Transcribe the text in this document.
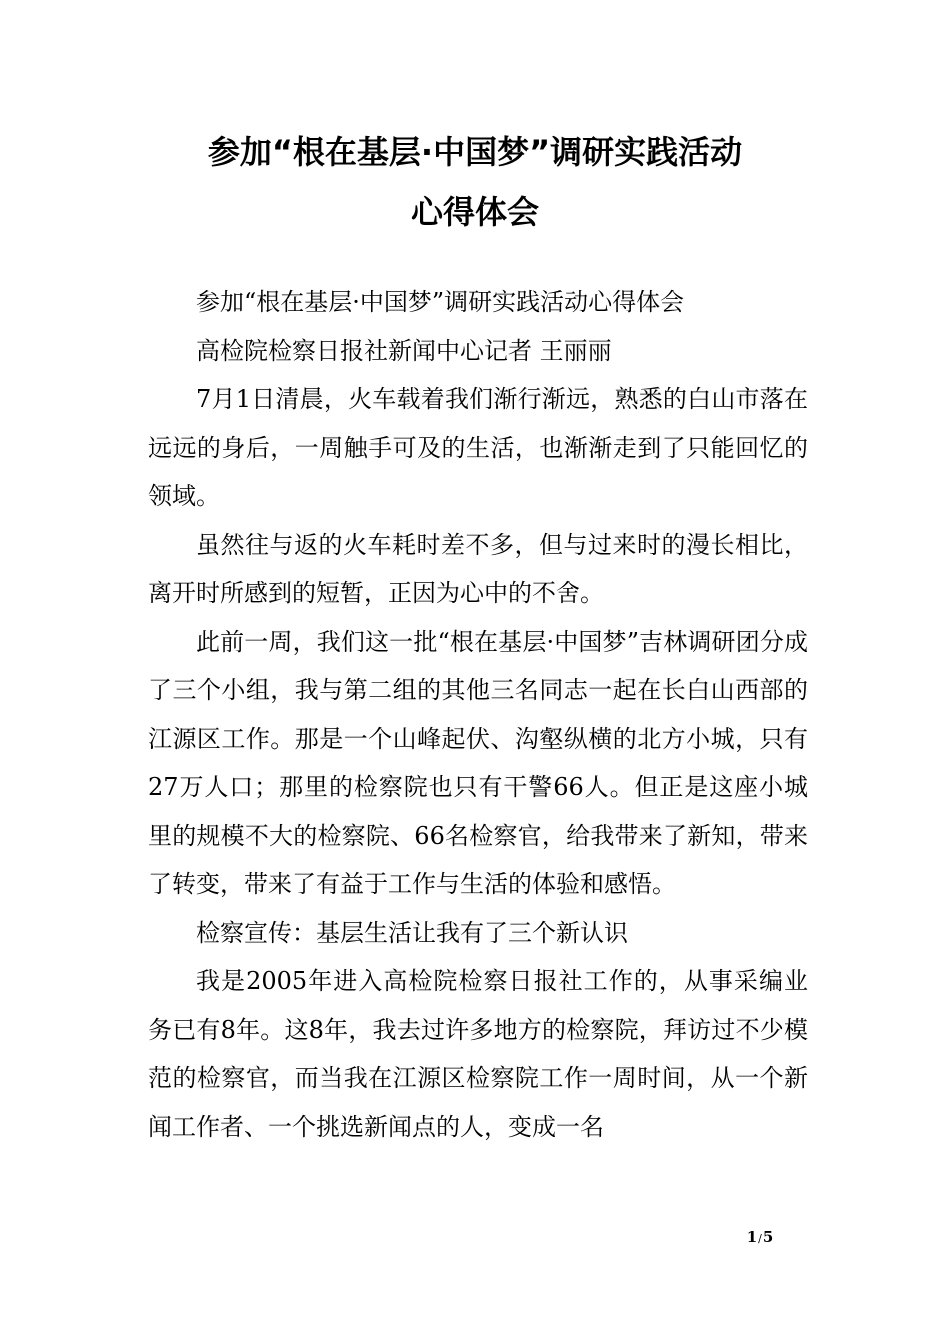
参加“根在基层·中国梦”调研实践活动
心得体会

参加“根在基层·中国梦”调研实践活动心得体会

高检院检察日报社新闻中心记者 王丽丽

7月1日清晨，火车载着我们渐行渐远，熟悉的白山市落在远远的身后，一周触手可及的生活，也渐渐走到了只能回忆的领域。

虽然往与返的火车耗时差不多，但与过来时的漫长相比，离开时所感到的短暂，正因为心中的不舍。

此前一周，我们这一批“根在基层·中国梦”吉林调研团分成了三个小组，我与第二组的其他三名同志一起在长白山西部的江源区工作。那是一个山峰起伏、沟壑纵横的北方小城，只有27万人口；那里的检察院也只有干警66人。但正是这座小城里的规模不大的检察院、66名检察官，给我带来了新知，带来了转变，带来了有益于工作与生活的体验和感悟。

检察宣传：基层生活让我有了三个新认识

我是2005年进入高检院检察日报社工作的，从事采编业务已有8年。这8年，我去过许多地方的检察院，拜访过不少模范的检察官，而当我在江源区检察院工作一周时间，从一个新闻工作者、一个挑选新闻点的人，变成一名

1/5
